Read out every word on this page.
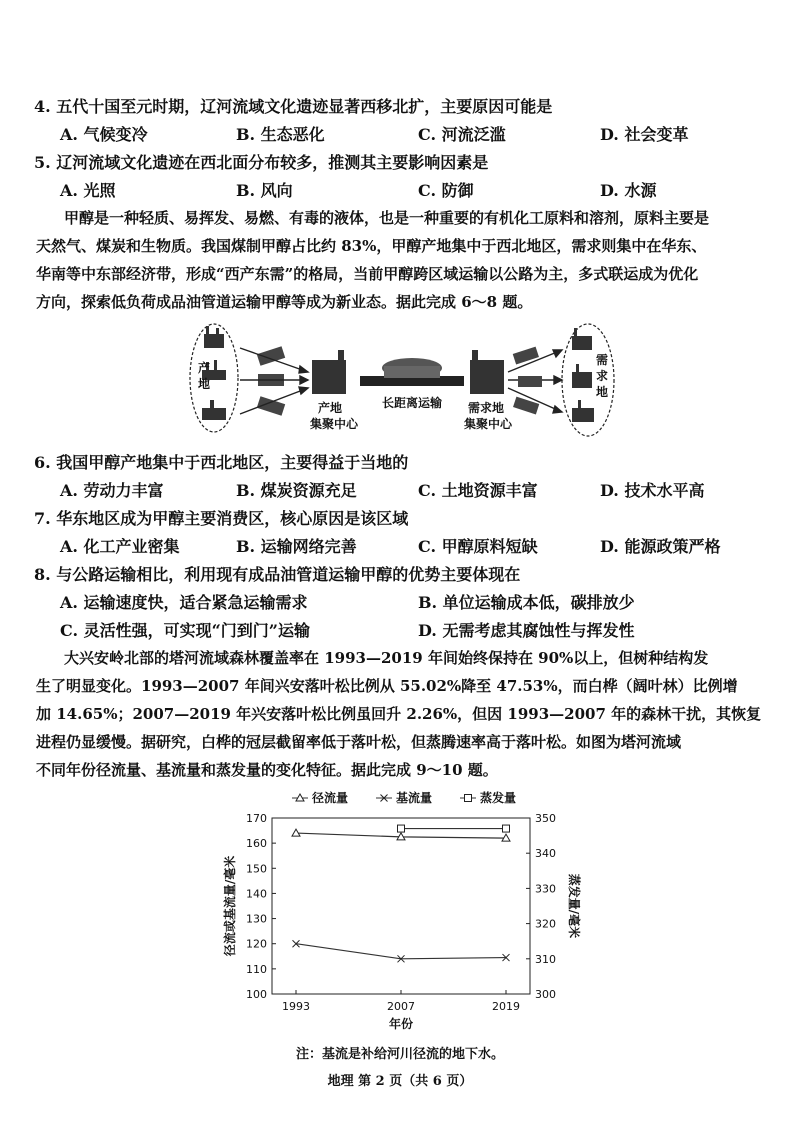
4. 五代十国至元时期，辽河流域文化遗迹显著西移北扩，主要原因可能是
A. 气候变冷	B. 生态恶化	C. 河流泛滥	D. 社会变革
5. 辽河流域文化遗迹在西北面分布较多，推测其主要影响因素是
A. 光照	B. 风向	C. 防御	D. 水源
甲醇是一种轻质、易挥发、易燃、有毒的液体，也是一种重要的有机化工原料和溶剂，原料主要是
天然气、煤炭和生物质。我国煤制甲醇占比约 83%，甲醇产地集中于西北地区，需求则集中在华东、
华南等中东部经济带，形成“西产东需”的格局，当前甲醇跨区域运输以公路为主，多式联运成为优化
方向，探索低负荷成品油管道运输甲醇等成为新业态。据此完成 6～8 题。
产地
产地
集聚中心
长距离运输	需求地
集聚中心
需求地
6. 我国甲醇产地集中于西北地区，主要得益于当地的
A. 劳动力丰富	B. 煤炭资源充足	C. 土地资源丰富	D. 技术水平高
7. 华东地区成为甲醇主要消费区，核心原因是该区域
A. 化工产业密集	B. 运输网络完善	C. 甲醇原料短缺	D. 能源政策严格
8. 与公路运输相比，利用现有成品油管道运输甲醇的优势主要体现在
A. 运输速度快，适合紧急运输需求	B. 单位运输成本低，碳排放少
C. 灵活性强，可实现“门到门”运输	D. 无需考虑其腐蚀性与挥发性
大兴安岭北部的塔河流域森林覆盖率在 1993—2019 年间始终保持在 90%以上，但树种结构发
生了明显变化。1993—2007 年间兴安落叶松比例从 55.02%降至 47.53%，而白桦（阔叶林）比例增
加 14.65%；2007—2019 年兴安落叶松比例虽回升 2.26%，但因 1993—2007 年的森林干扰，其恢复
进程仍显缓慢。据研究，白桦的冠层截留率低于落叶松，但蒸腾速率高于落叶松。如图为塔河流域
不同年份径流量、基流量和蒸发量的变化特征。据此完成 9～10 题。
100
110
120
130
140
150
160
170
300
310
320
330
340
350
1993	2007	2019
年份
径流或基流量/毫米	蒸发量/毫米
径流量	基流量	蒸发量
注：基流是补给河川径流的地下水。
地理 第 2 页（共 6 页）
